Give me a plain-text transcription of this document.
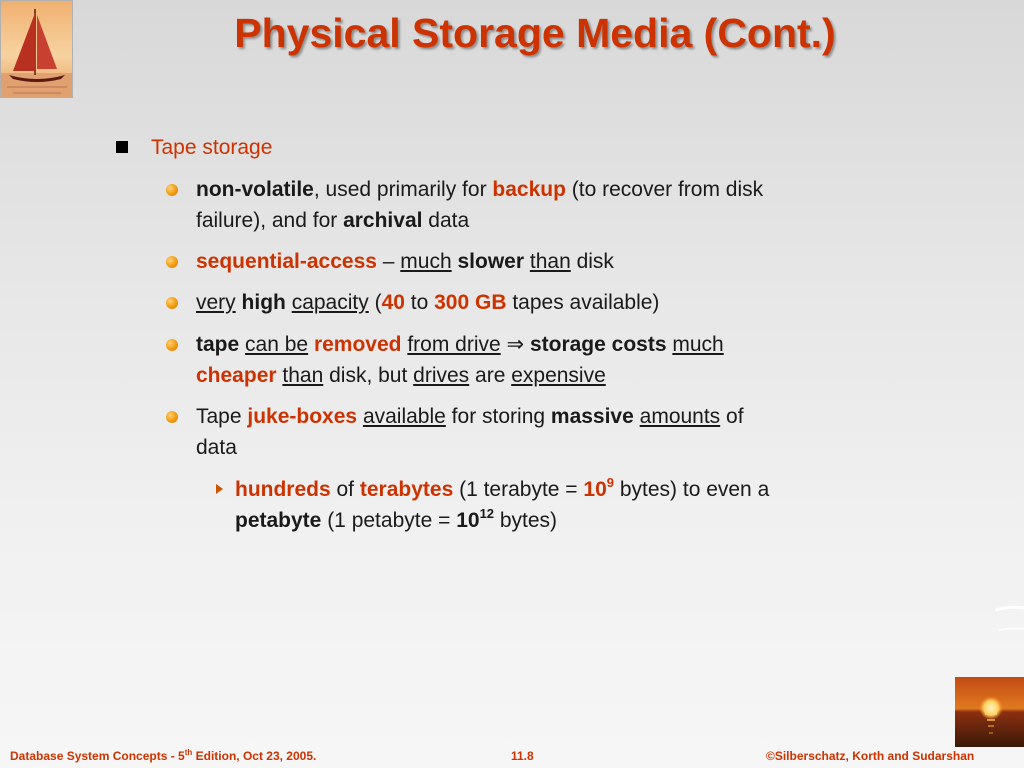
Physical Storage Media (Cont.)
Tape storage
non-volatile, used primarily for backup (to recover from disk
failure), and for archival data
sequential-access – much slower than disk
very high capacity (40 to 300 GB tapes available)
tape can be removed from drive ⇒ storage costs much
cheaper than disk, but drives are expensive
Tape juke-boxes available for storing massive amounts of
data
hundreds of terabytes (1 terabyte = $10^9$ bytes) to even a
petabyte (1 petabyte = $10^{12}$ bytes)
Database System Concepts - 5th Edition, Oct 23, 2005.	11.8	©Silberschatz, Korth and Sudarshan
